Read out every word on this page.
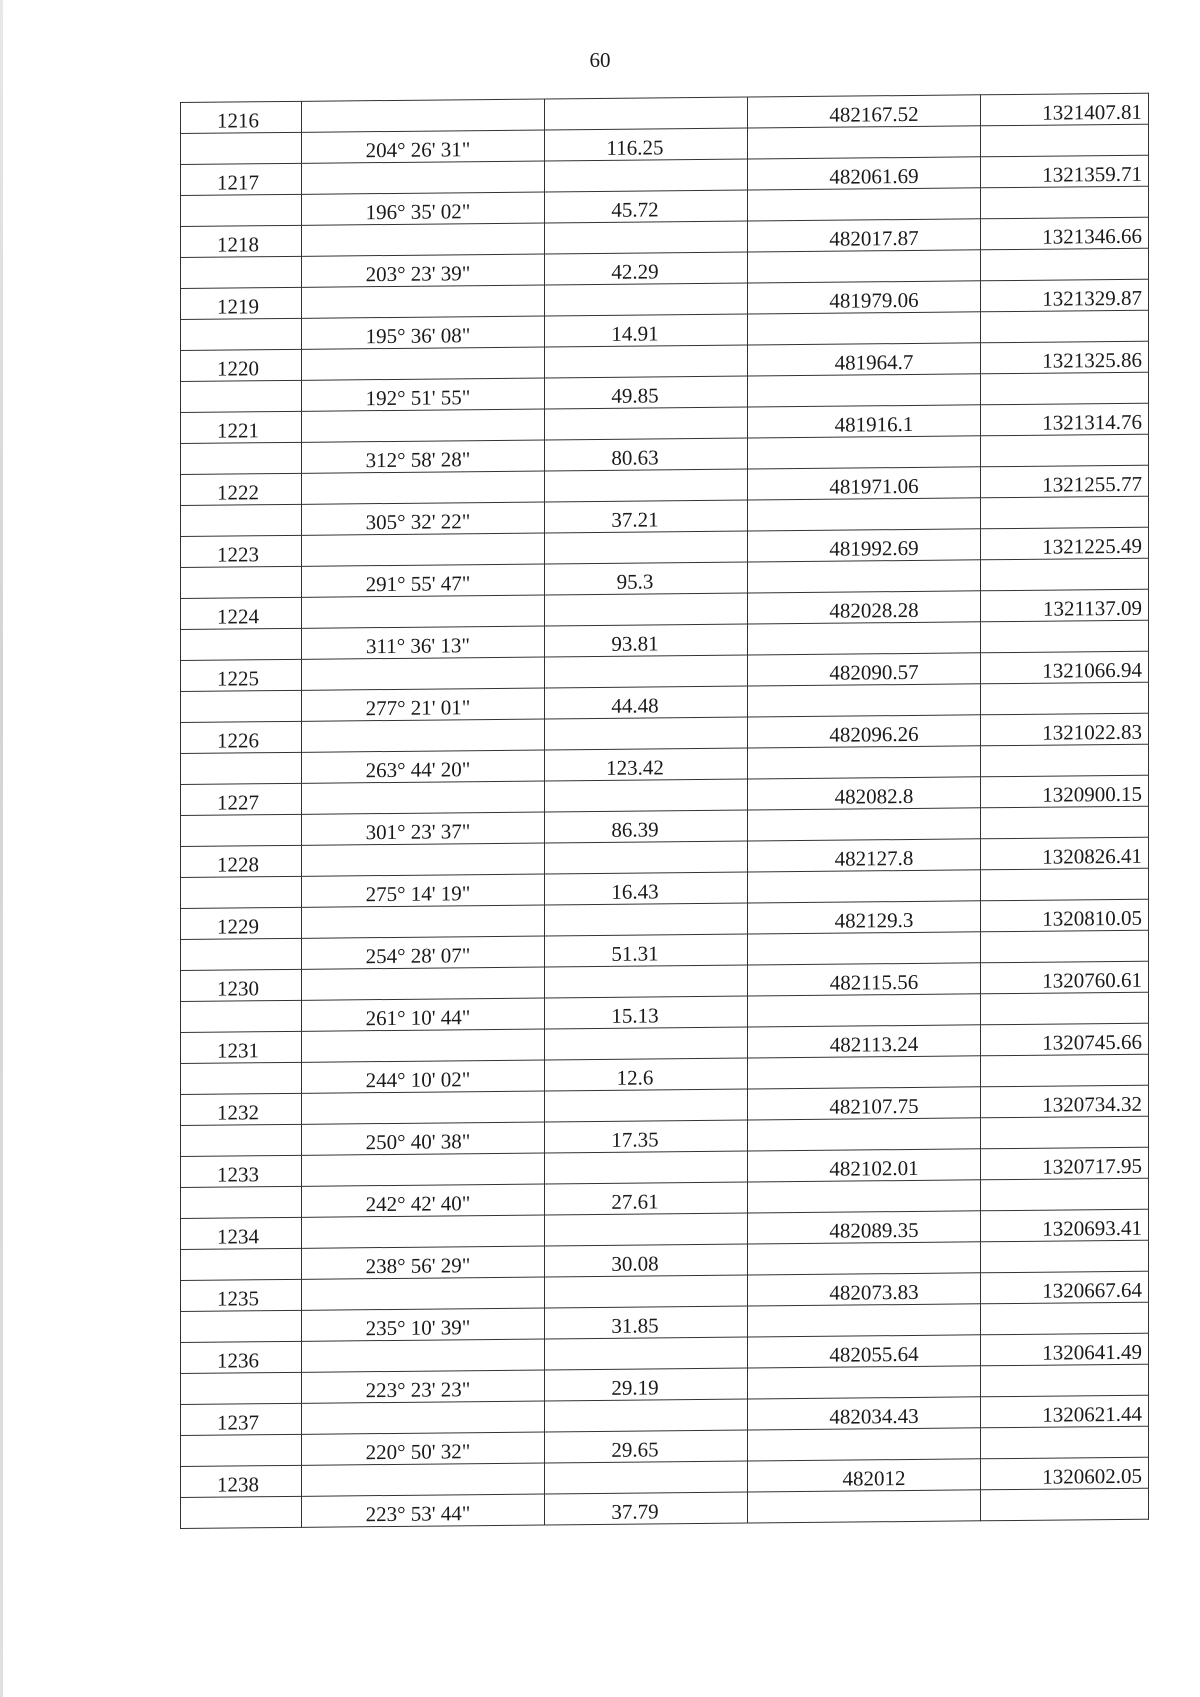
60
1216			482167.52	1321407.81
	204° 26' 31"	116.25		
1217			482061.69	1321359.71
	196° 35' 02"	45.72		
1218			482017.87	1321346.66
	203° 23' 39"	42.29		
1219			481979.06	1321329.87
	195° 36' 08"	14.91		
1220			481964.7	1321325.86
	192° 51' 55"	49.85		
1221			481916.1	1321314.76
	312° 58' 28"	80.63		
1222			481971.06	1321255.77
	305° 32' 22"	37.21		
1223			481992.69	1321225.49
	291° 55' 47"	95.3		
1224			482028.28	1321137.09
	311° 36' 13"	93.81		
1225			482090.57	1321066.94
	277° 21' 01"	44.48		
1226			482096.26	1321022.83
	263° 44' 20"	123.42		
1227			482082.8	1320900.15
	301° 23' 37"	86.39		
1228			482127.8	1320826.41
	275° 14' 19"	16.43		
1229			482129.3	1320810.05
	254° 28' 07"	51.31		
1230			482115.56	1320760.61
	261° 10' 44"	15.13		
1231			482113.24	1320745.66
	244° 10' 02"	12.6		
1232			482107.75	1320734.32
	250° 40' 38"	17.35		
1233			482102.01	1320717.95
	242° 42' 40"	27.61		
1234			482089.35	1320693.41
	238° 56' 29"	30.08		
1235			482073.83	1320667.64
	235° 10' 39"	31.85		
1236			482055.64	1320641.49
	223° 23' 23"	29.19		
1237			482034.43	1320621.44
	220° 50' 32"	29.65		
1238			482012	1320602.05
	223° 53' 44"	37.79		
